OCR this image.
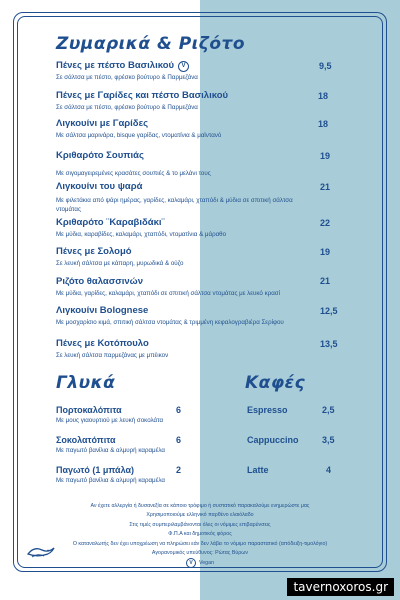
Ζυμαρικά & Ριζότο
Πένες με πέστο Βασιλικού V
Σε σάλτσα με πέστο, φρέσκο βούτυρο & Παρμεζάνα
9,5
Πένες με Γαρίδες και πέστο Βασιλικού
Σε σάλτσα με πέστο, φρέσκο βούτυρο & Παρμεζάνα
18
Λιγκουίνι με Γαρίδες
Με σάλτσα μαρινάρα, bisque γαρίδας, ντοματίνια & μαϊντανό
18
Κριθαρότο Σουπιάς
Με σιγομαγειρεμένες κρασάτες σουπιές & το μελάνι τους
19
Λιγκουίνι του ψαρά
Με φιλετάκια από ψάρι ημέρας, γαρίδες, καλαμάρι, χταπόδι & μύδια σε σπιτική σάλτσα ντομάτας
21
Κριθαρότο ¨Καραβιδάκι¨
Με μύδια, καραβίδες, καλαμάρι, χταπόδι, ντοματίνια & μάραθο
22
Πένες με Σολομό
Σε λευκή σάλτσα με κάπαρη, μυρωδικά & ούζο
19
Ριζότο θαλασσινών
Με μύδια, γαρίδες, καλαμάρι, χταπόδι σε σπιτική σάλτσα ντομάτας με λευκό κρασί
21
Λιγκουίνι Bolognese
Με μοσχαρίσιο κιμά, σπιτική σάλτσα ντομάτας & τριμμένη κεφαλογραβιέρα Σερίφου
12,5
Πένες με Κοτόπουλο
Σε λευκή σάλτσα παρμεζάνας με μπέικον
13,5
Γλυκά
Πορτοκαλόπιτα
Με μους γιαουρτιού με λευκή σοκολάτα
6
Σοκολατόπιτα
Με παγωτό βανίλια & αλμυρή καραμέλα
6
Παγωτό (1 μπάλα)
Με παγωτό βανίλια & αλμυρή καραμέλα
2
Καφές
Espresso	2,5
Cappuccino	3,5
Latte	4
Αν έχετε αλλεργία ή δυσανεξία σε κάποιο τρόφιμο ή συστατικό παρακαλούμε ενημερώστε μας
Χρησιμοποιούμε ελληνικό παρθένο ελαιόλαδο
Στις τιμές συμπεριλαμβάνονται όλες οι νόμιμες επιβαρύνσεις
Φ.Π.Α και δημοτικός φόρος
Ο καταναλωτής δεν έχει υποχρέωση να πληρώσει εάν δεν λάβει το νόμιμο παραστατικό (απόδειξη-τιμολόγιο)
Αγορανομικός υπεύθυνος: Ρώτας Βύρων
V	Vegan
tavernoxoros.gr
